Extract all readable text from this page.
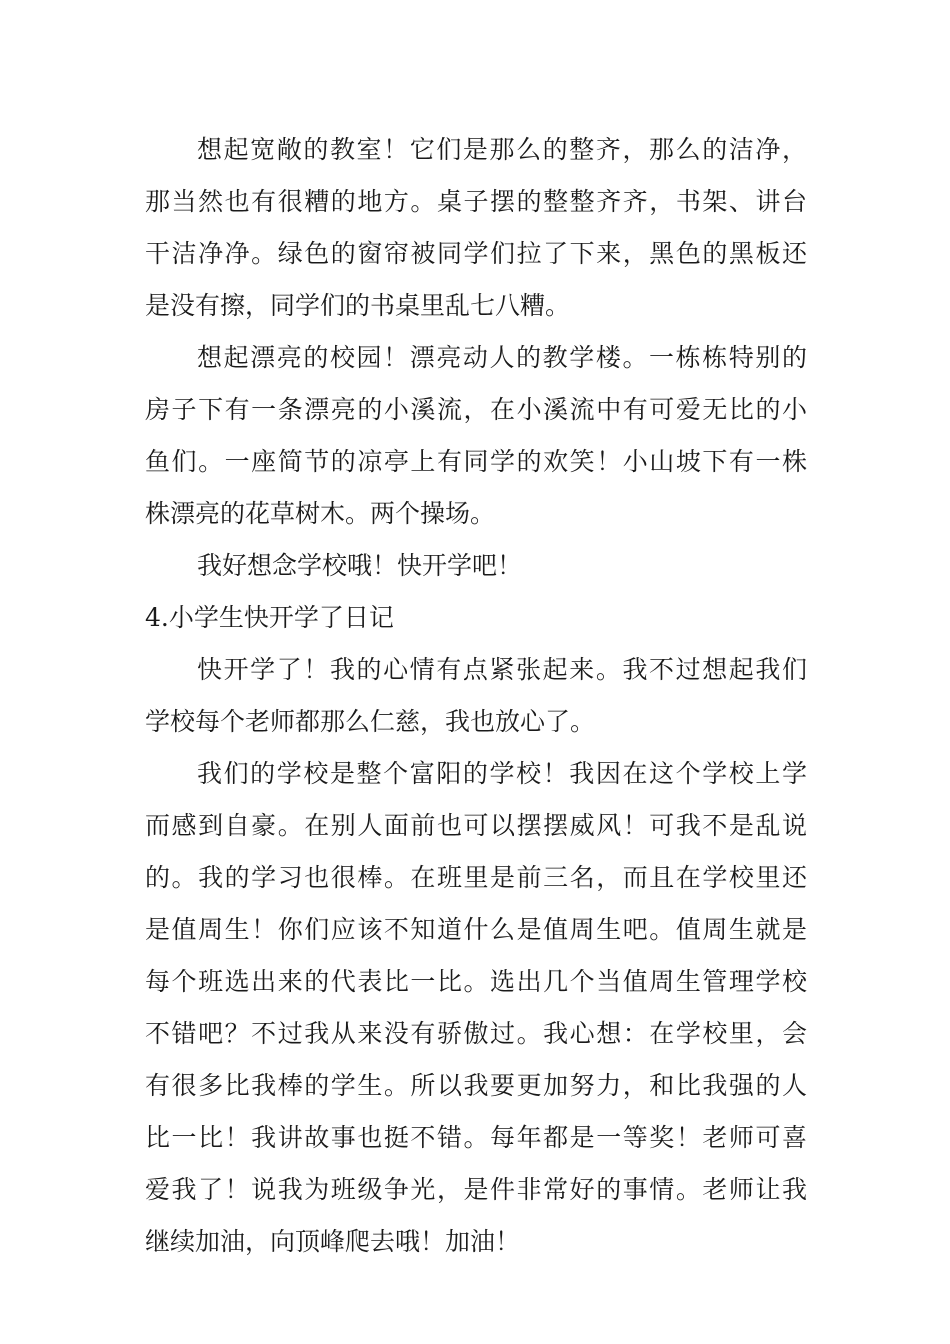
想起宽敞的教室！它们是那么的整齐，那么的洁净，
那当然也有很糟的地方。桌子摆的整整齐齐，书架、讲台
干洁净净。绿色的窗帘被同学们拉了下来，黑色的黑板还
是没有擦，同学们的书桌里乱七八糟。
想起漂亮的校园！漂亮动人的教学楼。一栋栋特别的
房子下有一条漂亮的小溪流，在小溪流中有可爱无比的小
鱼们。一座简节的凉亭上有同学的欢笑！小山坡下有一株
株漂亮的花草树木。两个操场。
我好想念学校哦！快开学吧！
4.小学生快开学了日记
快开学了！我的心情有点紧张起来。我不过想起我们
学校每个老师都那么仁慈，我也放心了。
我们的学校是整个富阳的学校！我因在这个学校上学
而感到自豪。在别人面前也可以摆摆威风！可我不是乱说
的。我的学习也很棒。在班里是前三名，而且在学校里还
是值周生！你们应该不知道什么是值周生吧。值周生就是
每个班选出来的代表比一比。选出几个当值周生管理学校
不错吧？不过我从来没有骄傲过。我心想：在学校里，会
有很多比我棒的学生。所以我要更加努力，和比我强的人
比一比！我讲故事也挺不错。每年都是一等奖！老师可喜
爱我了！说我为班级争光，是件非常好的事情。老师让我
继续加油，向顶峰爬去哦！加油！
